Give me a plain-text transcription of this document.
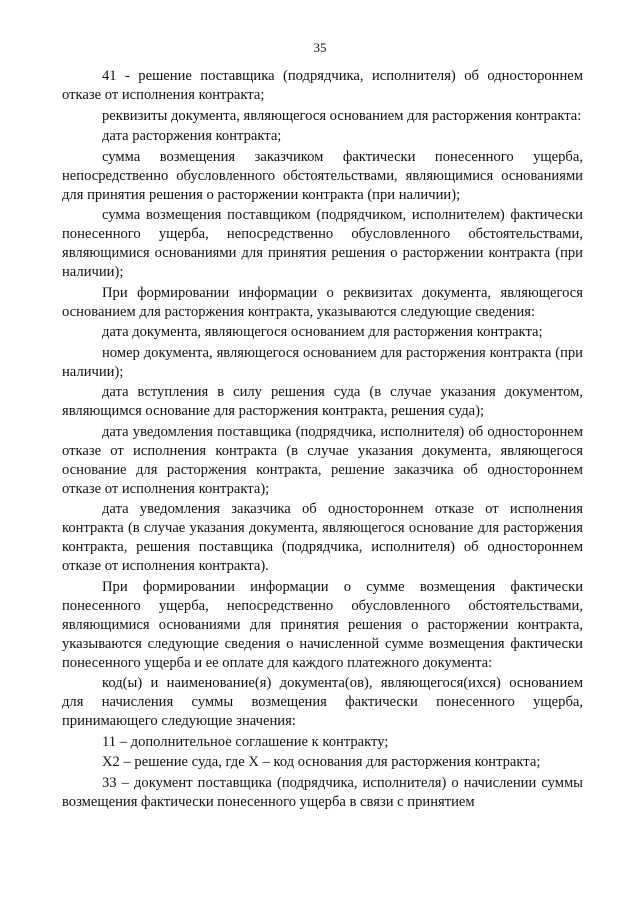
35

41 - решение поставщика (подрядчика, исполнителя) об одностороннем отказе от исполнения контракта;

реквизиты документа, являющегося основанием для расторжения контракта:

дата расторжения контракта;

сумма возмещения заказчиком фактически понесенного ущерба, непосредственно обусловленного обстоятельствами, являющимися основаниями для принятия решения о расторжении контракта (при наличии);

сумма возмещения поставщиком (подрядчиком, исполнителем) фактически понесенного ущерба, непосредственно обусловленного обстоятельствами, являющимися основаниями для принятия решения о расторжении контракта (при наличии);

При формировании информации о реквизитах документа, являющегося основанием для расторжения контракта, указываются следующие сведения:

дата документа, являющегося основанием для расторжения контракта;

номер документа, являющегося основанием для расторжения контракта (при наличии);

дата вступления в силу решения суда (в случае указания документом, являющимся основание для расторжения контракта, решения суда);

дата уведомления поставщика (подрядчика, исполнителя) об одностороннем отказе от исполнения контракта (в случае указания документа, являющегося основание для расторжения контракта, решение заказчика об одностороннем отказе от исполнения контракта);

дата уведомления заказчика об одностороннем отказе от исполнения контракта (в случае указания документа, являющегося основание для расторжения контракта, решения поставщика (подрядчика, исполнителя) об одностороннем отказе от исполнения контракта).

При формировании информации о сумме возмещения фактически понесенного ущерба, непосредственно обусловленного обстоятельствами, являющимися основаниями для принятия решения о расторжении контракта, указываются следующие сведения о начисленной сумме возмещения фактически понесенного ущерба и ее оплате для каждого платежного документа:

код(ы) и наименование(я) документа(ов), являющегося(ихся) основанием для начисления суммы возмещения фактически понесенного ущерба, принимающего следующие значения:

11 – дополнительное соглашение к контракту;

X2 – решение суда, где X – код основания для расторжения контракта;

33 – документ поставщика (подрядчика, исполнителя) о начислении суммы возмещения фактически понесенного ущерба в связи с принятием
